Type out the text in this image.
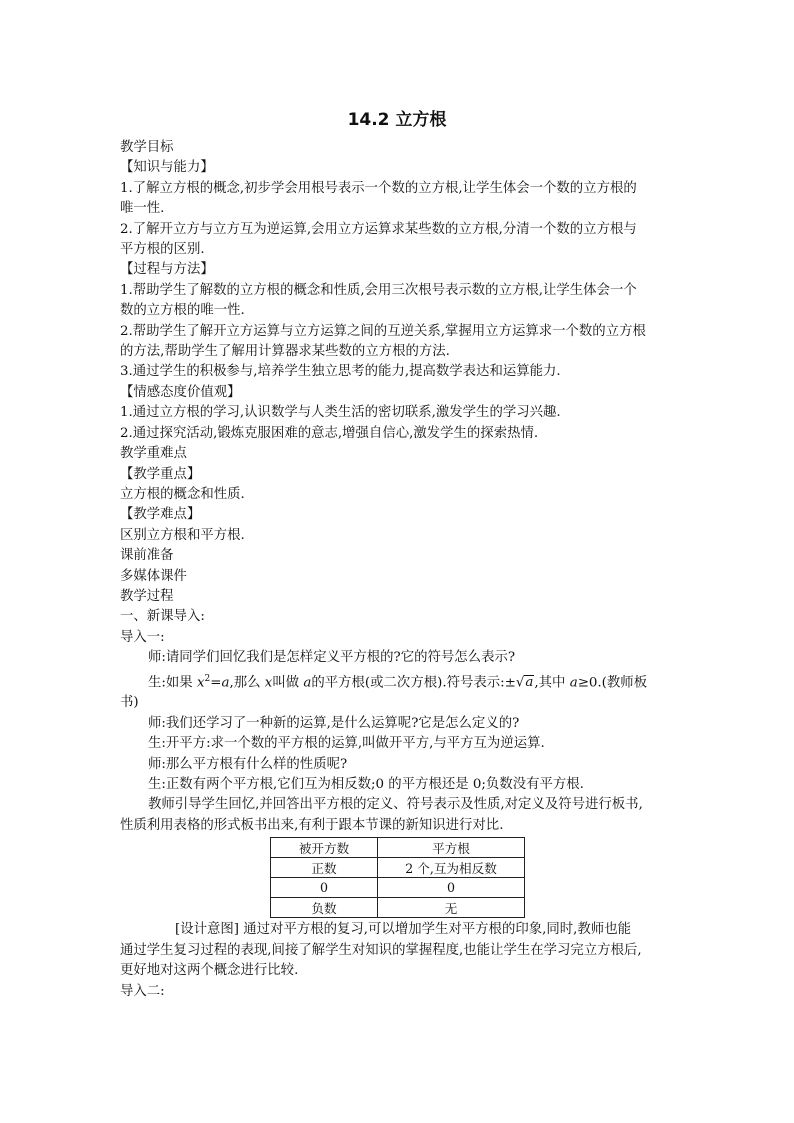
14.2 立方根

教学目标

【知识与能力】

1.了解立方根的概念,初步学会用根号表示一个数的立方根,让学生体会一个数的立方根的

唯一性.

2.了解开立方与立方互为逆运算,会用立方运算求某些数的立方根,分清一个数的立方根与

平方根的区别.

【过程与方法】

1.帮助学生了解数的立方根的概念和性质,会用三次根号表示数的立方根,让学生体会一个

数的立方根的唯一性.

2.帮助学生了解开立方运算与立方运算之间的互逆关系,掌握用立方运算求一个数的立方根

的方法,帮助学生了解用计算器求某些数的立方根的方法.

3.通过学生的积极参与,培养学生独立思考的能力,提高数学表达和运算能力.

【情感态度价值观】

1.通过立方根的学习,认识数学与人类生活的密切联系,激发学生的学习兴趣.

2.通过探究活动,锻炼克服困难的意志,增强自信心,激发学生的探索热情.

教学重难点

【教学重点】

立方根的概念和性质.

【教学难点】

区别立方根和平方根.

课前准备

多媒体课件

教学过程

一、新课导入:

导入一:

师:请同学们回忆我们是怎样定义平方根的?它的符号怎么表示?

生:如果 $x^2=a$,那么 x叫做 a的平方根(或二次方根).符号表示:±√a,其中 a≥0.(教师板

书)

师:我们还学习了一种新的运算,是什么运算呢?它是怎么定义的?

生:开平方:求一个数的平方根的运算,叫做开平方,与平方互为逆运算.

师:那么平方根有什么样的性质呢?

生:正数有两个平方根,它们互为相反数;0 的平方根还是 0;负数没有平方根.

教师引导学生回忆,并回答出平方根的定义、符号表示及性质,对定义及符号进行板书,

性质利用表格的形式板书出来,有利于跟本节课的新知识进行对比.

被开方数	平方根
正数	2 个,互为相反数
0	0
负数	无

[设计意图] 通过对平方根的复习,可以增加学生对平方根的印象,同时,教师也能

通过学生复习过程的表现,间接了解学生对知识的掌握程度,也能让学生在学习完立方根后,

更好地对这两个概念进行比较.

导入二:
